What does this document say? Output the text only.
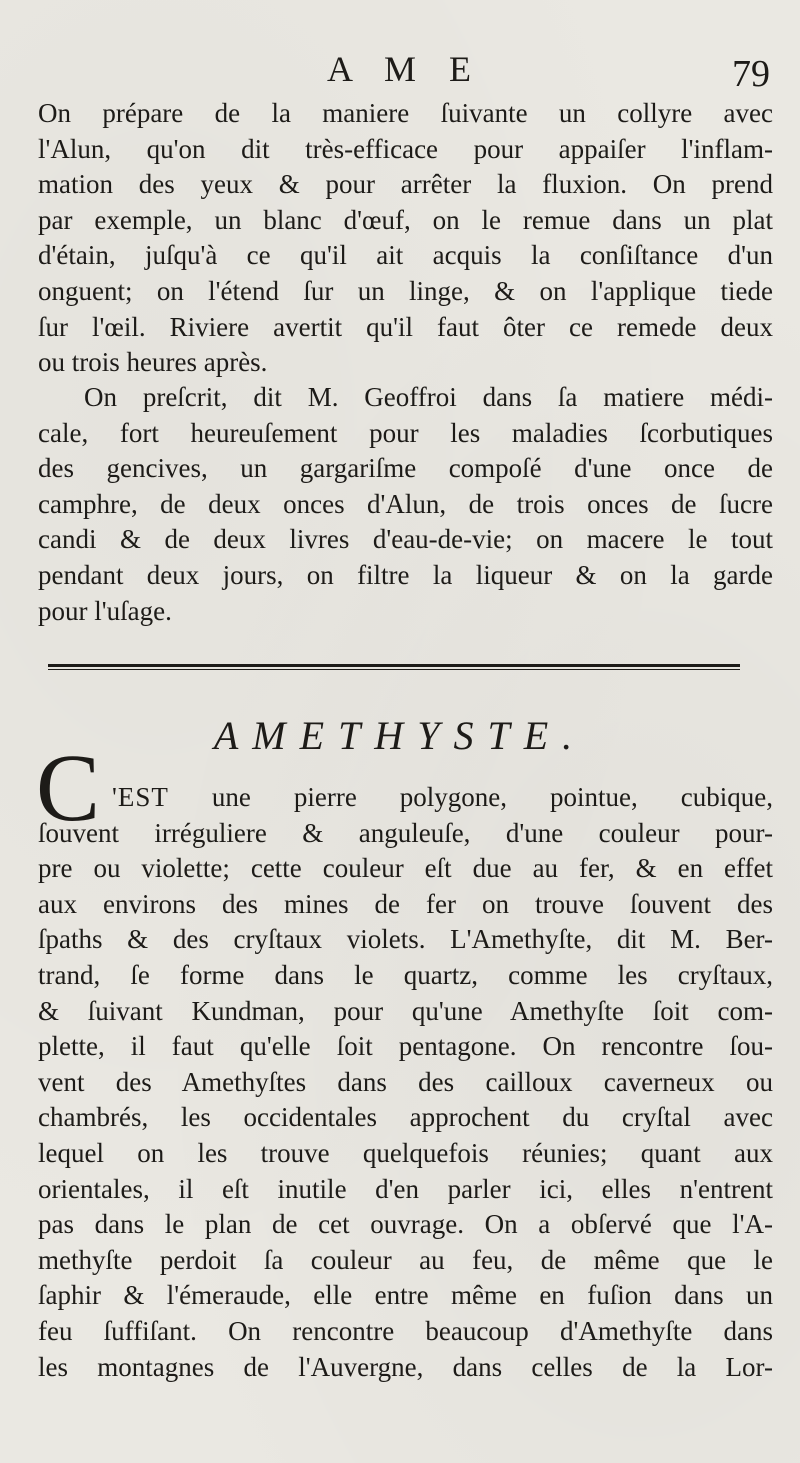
A M E	79
On prépare de la maniere ſuivante un collyre avec
l'Alun, qu'on dit très-efficace pour appaiſer l'inflam-
mation des yeux & pour arrêter la fluxion. On prend
par exemple, un blanc d'œuf, on le remue dans un plat
d'étain, juſqu'à ce qu'il ait acquis la conſiſtance d'un
onguent; on l'étend ſur un linge, & on l'applique tiede
ſur l'œil. Riviere avertit qu'il faut ôter ce remede deux
ou trois heures après.
On preſcrit, dit M. Geoffroi dans ſa matiere médi-
cale, fort heureuſement pour les maladies ſcorbutiques
des gencives, un gargariſme compoſé d'une once de
camphre, de deux onces d'Alun, de trois onces de ſucre
candi & de deux livres d'eau-de-vie; on macere le tout
pendant deux jours, on filtre la liqueur & on la garde
pour l'uſage.
AMETHYSTE.
C 'EST une pierre polygone, pointue, cubique,
ſouvent irréguliere & anguleuſe, d'une couleur pour-
pre ou violette; cette couleur eſt due au fer, & en effet
aux environs des mines de fer on trouve ſouvent des
ſpaths & des cryſtaux violets. L'Amethyſte, dit M. Ber-
trand, ſe forme dans le quartz, comme les cryſtaux,
& ſuivant Kundman, pour qu'une Amethyſte ſoit com-
plette, il faut qu'elle ſoit pentagone. On rencontre ſou-
vent des Amethyſtes dans des cailloux caverneux ou
chambrés, les occidentales approchent du cryſtal avec
lequel on les trouve quelquefois réunies; quant aux
orientales, il eſt inutile d'en parler ici, elles n'entrent
pas dans le plan de cet ouvrage. On a obſervé que l'A-
methyſte perdoit ſa couleur au feu, de même que le
ſaphir & l'émeraude, elle entre même en fuſion dans un
feu ſuffiſant. On rencontre beaucoup d'Amethyſte dans
les montagnes de l'Auvergne, dans celles de la Lor-
